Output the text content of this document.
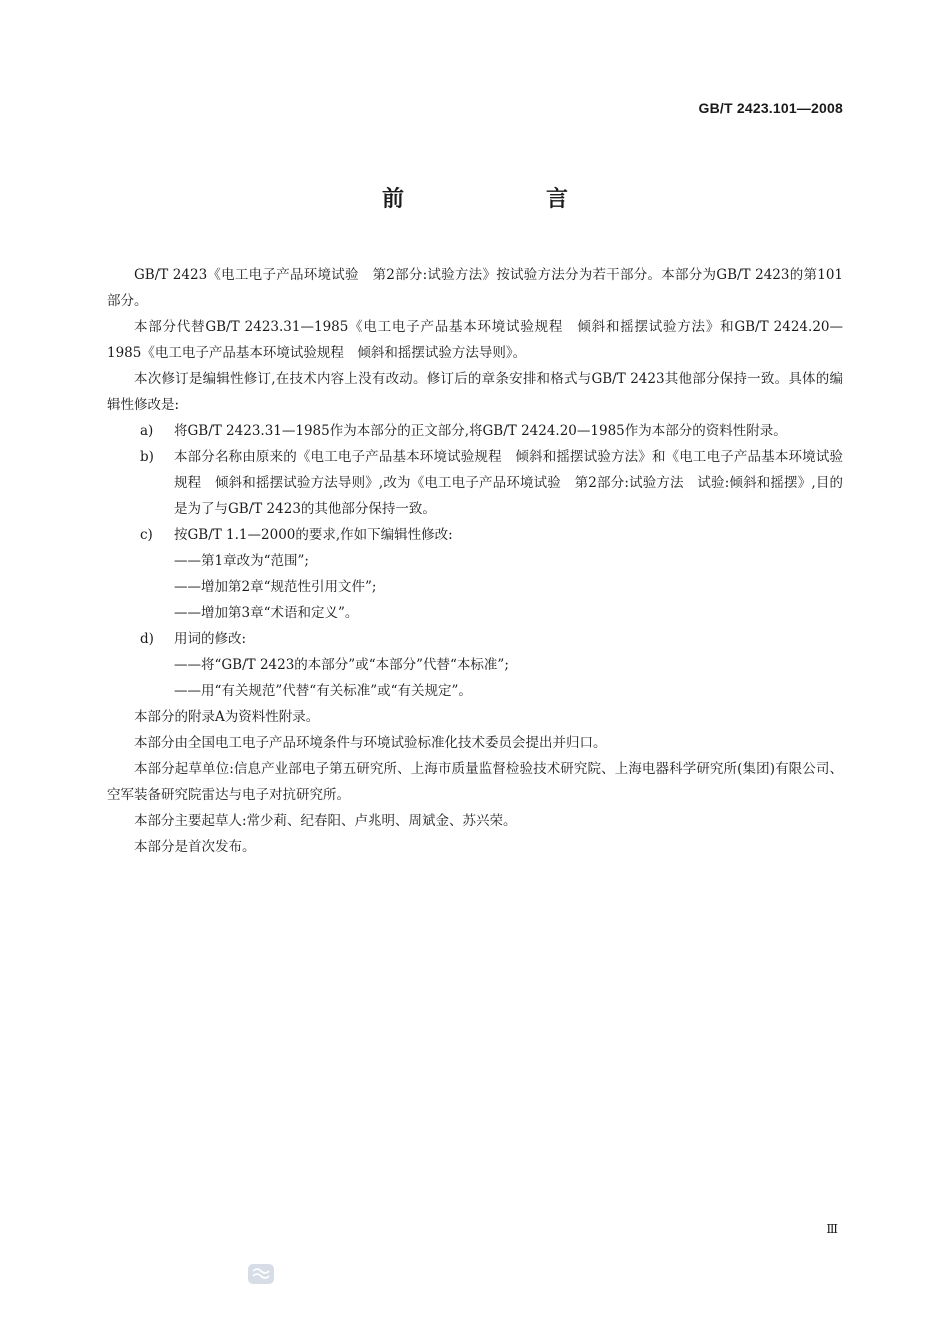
GB/T 2423.101—2008
前　言

GB/T 2423《电工电子产品环境试验　第2部分:试验方法》按试验方法分为若干部分。本部分为GB/T 2423的第101部分。

本部分代替GB/T 2423.31—1985《电工电子产品基本环境试验规程　倾斜和摇摆试验方法》和GB/T 2424.20—1985《电工电子产品基本环境试验规程　倾斜和摇摆试验方法导则》。

本次修订是编辑性修订,在技术内容上没有改动。修订后的章条安排和格式与GB/T 2423其他部分保持一致。具体的编辑性修改是:

a)	将GB/T 2423.31—1985作为本部分的正文部分,将GB/T 2424.20—1985作为本部分的资料性附录。
b)	本部分名称由原来的《电工电子产品基本环境试验规程　倾斜和摇摆试验方法》和《电工电子产品基本环境试验规程　倾斜和摇摆试验方法导则》,改为《电工电子产品环境试验　第2部分:试验方法　试验:倾斜和摇摆》,目的是为了与GB/T 2423的其他部分保持一致。
c)	按GB/T 1.1—2000的要求,作如下编辑性修改:
——第1章改为“范围”;
——增加第2章“规范性引用文件”;
——增加第3章“术语和定义”。
d)	用词的修改:
——将“GB/T 2423的本部分”或“本部分”代替“本标准”;
——用“有关规范”代替“有关标准”或“有关规定”。

本部分的附录A为资料性附录。

本部分由全国电工电子产品环境条件与环境试验标准化技术委员会提出并归口。

本部分起草单位:信息产业部电子第五研究所、上海市质量监督检验技术研究院、上海电器科学研究所(集团)有限公司、空军装备研究院雷达与电子对抗研究所。

本部分主要起草人:常少莉、纪春阳、卢兆明、周斌金、苏兴荣。

本部分是首次发布。

Ⅲ
